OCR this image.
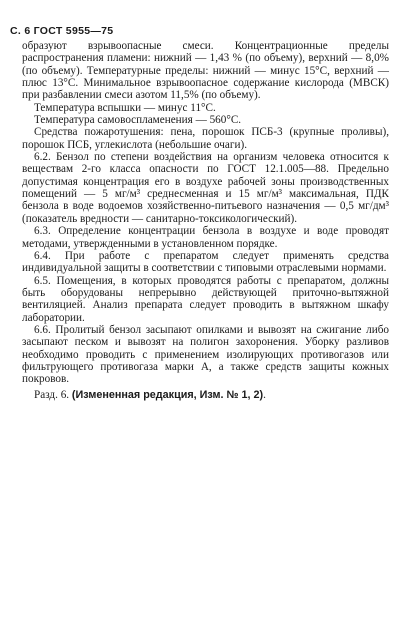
С. 6 ГОСТ 5955—75

образуют взрывоопасные смеси. Концентрационные пределы распространения пламени: нижний — 1,43 % (по объему), верхний — 8,0% (по объему). Температурные пределы: нижний — минус 15°С, верхний — плюс 13°С. Минимальное взрывоопасное содержание кислорода (МВСК) при разбавлении смеси азотом 11,5% (по объему).

Температура вспышки — минус 11°С.

Температура самовоспламенения — 560°С.

Средства пожаротушения: пена, порошок ПСБ-3 (крупные проливы), порошок ПСБ, углекислота (небольшие очаги).

6.2. Бензол по степени воздействия на организм человека относится к веществам 2-го класса опасности по ГОСТ 12.1.005—88. Предельно допустимая концентрация его в воздухе рабочей зоны производственных помещений — 5 мг/м³ среднесменная и 15 мг/м³ максимальная, ПДК бензола в воде водоемов хозяйственно-питьевого назначения — 0,5 мг/дм³ (показатель вредности — санитарно-токсикологический).

6.3. Определение концентрации бензола в воздухе и воде проводят методами, утвержденными в установленном порядке.

6.4. При работе с препаратом следует применять средства индивидуальной защиты в соответствии с типовыми отраслевыми нормами.

6.5. Помещения, в которых проводятся работы с препаратом, должны быть оборудованы непрерывно действующей приточно-вытяжной вентиляцией. Анализ препарата следует проводить в вытяжном шкафу лаборатории.

6.6. Пролитый бензол засыпают опилками и вывозят на сжигание либо засыпают песком и вывозят на полигон захоронения. Уборку разливов необходимо проводить с применением изолирующих противогазов или фильтрующего противогаза марки А, а также средств защиты кожных покровов.

Разд. 6. (Измененная редакция, Изм. № 1, 2).
